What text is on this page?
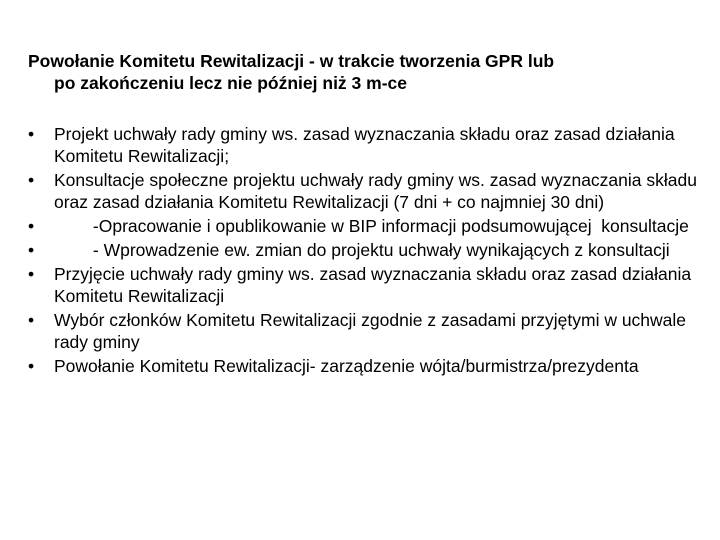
Powołanie Komitetu Rewitalizacji - w trakcie tworzenia GPR lub
po zakończeniu lecz nie później niż 3 m-ce
•	Projekt uchwały rady gminy ws. zasad wyznaczania składu oraz zasad działania Komitetu Rewitalizacji;
•	Konsultacje społeczne projektu uchwały rady gminy ws. zasad wyznaczania składu oraz zasad działania Komitetu Rewitalizacji (7 dni + co najmniej 30 dni)
•	-Opracowanie i opublikowanie w BIP informacji podsumowującej  konsultacje
•	- Wprowadzenie ew. zmian do projektu uchwały wynikających z konsultacji
•	Przyjęcie uchwały rady gminy ws. zasad wyznaczania składu oraz zasad działania Komitetu Rewitalizacji
•	Wybór członków Komitetu Rewitalizacji zgodnie z zasadami przyjętymi w uchwale rady gminy
•	Powołanie Komitetu Rewitalizacji- zarządzenie wójta/burmistrza/prezydenta
